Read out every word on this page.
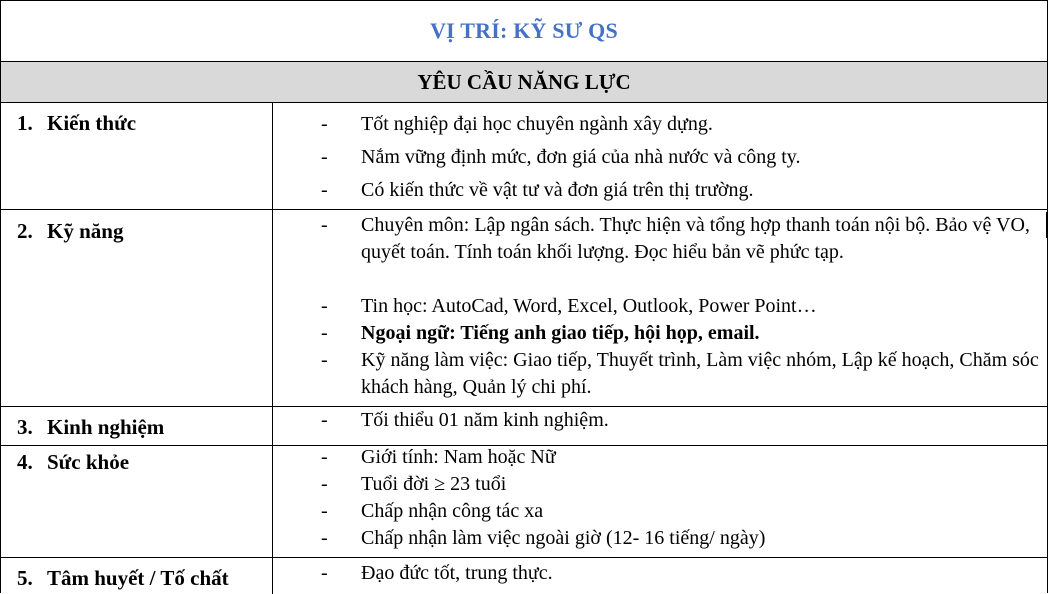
VỊ TRÍ: KỸ SƯ QS
YÊU CẦU NĂNG LỰC
1. Kiến thức	- Tốt nghiệp đại học chuyên ngành xây dựng.
- Nắm vững định mức, đơn giá của nhà nước và công ty.
- Có kiến thức về vật tư và đơn giá trên thị trường.
2. Kỹ năng	- Chuyên môn: Lập ngân sách. Thực hiện và tổng hợp thanh toán nội bộ. Bảo vệ VO, quyết toán. Tính toán khối lượng. Đọc hiểu bản vẽ phức tạp.
- Tin học: AutoCad, Word, Excel, Outlook, Power Point…
- Ngoại ngữ: Tiếng anh giao tiếp, hội họp, email.
- Kỹ năng làm việc: Giao tiếp, Thuyết trình, Làm việc nhóm, Lập kế hoạch, Chăm sóc khách hàng, Quản lý chi phí.
3. Kinh nghiệm	- Tối thiểu 01 năm kinh nghiệm.
4. Sức khỏe	- Giới tính: Nam hoặc Nữ
- Tuổi đời ≥ 23 tuổi
- Chấp nhận công tác xa
- Chấp nhận làm việc ngoài giờ (12- 16 tiếng/ ngày)
5. Tâm huyết / Tố chất	- Đạo đức tốt, trung thực.
